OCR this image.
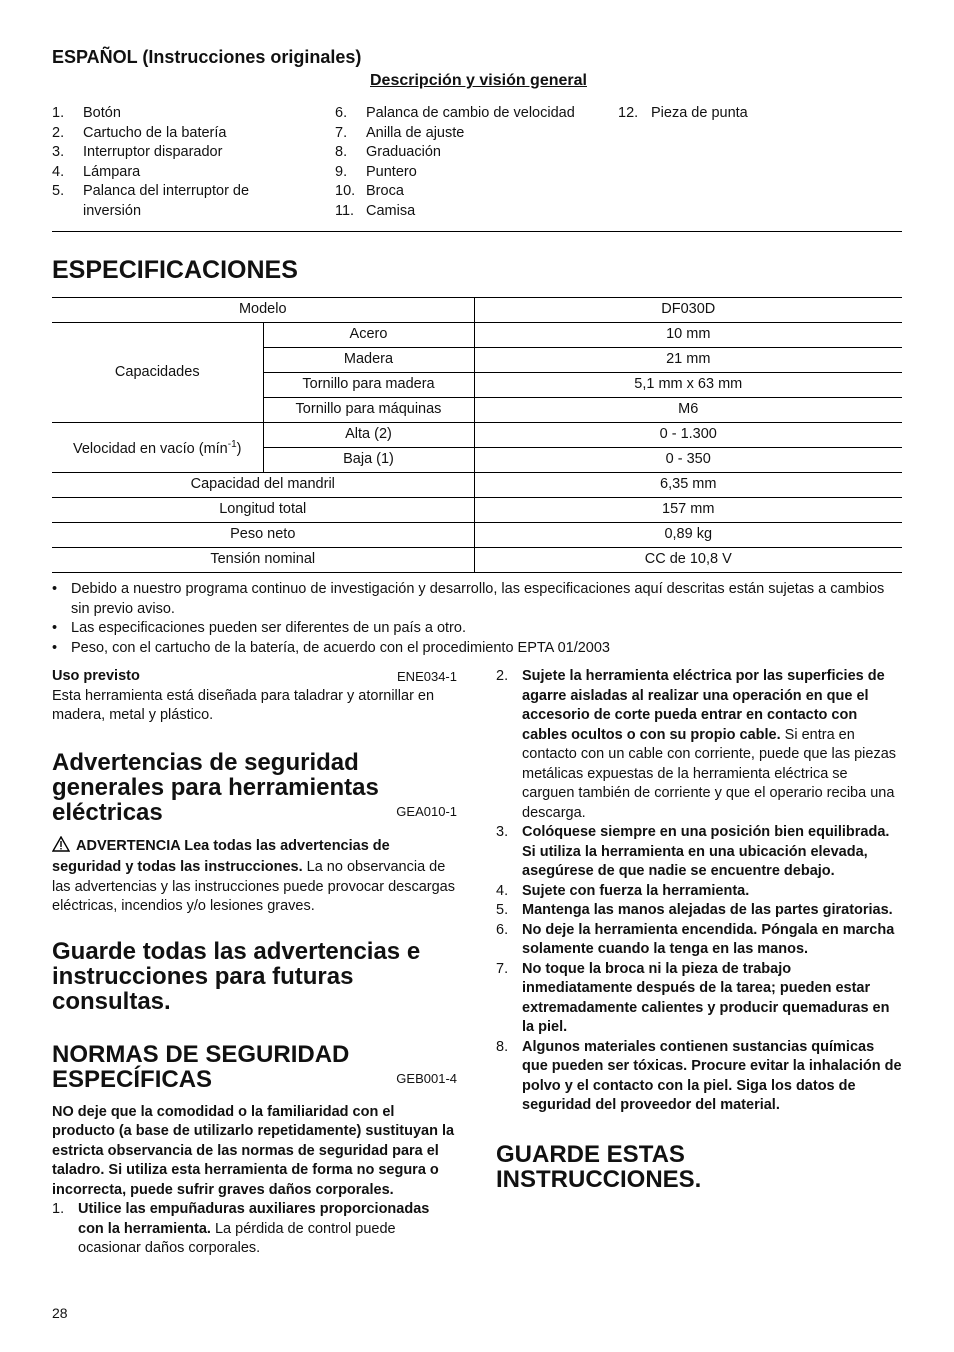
ESPAÑOL (Instrucciones originales)
Descripción y visión general
1.	Botón
2.	Cartucho de la batería
3.	Interruptor disparador
4.	Lámpara
5.	Palanca del interruptor de inversión
6.	Palanca de cambio de velocidad
7.	Anilla de ajuste
8.	Graduación
9.	Puntero
10. Broca
11. Camisa
12. Pieza de punta
ESPECIFICACIONES
Modelo		DF030D
Capacidades	Acero	10 mm
	Madera	21 mm
	Tornillo para madera	5,1 mm x 63 mm
	Tornillo para máquinas	M6
Velocidad en vacío (mín$^{-1}$)	Alta (2)	0 - 1.300
	Baja (1)	0 - 350
Capacidad del mandril		6,35 mm
Longitud total		157 mm
Peso neto		0,89 kg
Tensión nominal		CC de 10,8 V
• Debido a nuestro programa continuo de investigación y desarrollo, las especificaciones aquí descritas están sujetas a cambios sin previo aviso.
• Las especificaciones pueden ser diferentes de un país a otro.
• Peso, con el cartucho de la batería, de acuerdo con el procedimiento EPTA 01/2003
Uso previsto	ENE034-1

Esta herramienta está diseñada para taladrar y atornillar en madera, metal y plástico.

Advertencias de seguridad generales para herramientas eléctricas	GEA010-1

ADVERTENCIA Lea todas las advertencias de seguridad y todas las instrucciones. La no observancia de las advertencias y las instrucciones puede provocar descargas eléctricas, incendios y/o lesiones graves.

Guarde todas las advertencias e instrucciones para futuras consultas.
NORMAS DE SEGURIDAD ESPECÍFICAS	GEB001-4

NO deje que la comodidad o la familiaridad con el producto (a base de utilizarlo repetidamente) sustituyan la estricta observancia de las normas de seguridad para el taladro. Si utiliza esta herramienta de forma no segura o incorrecta, puede sufrir graves daños corporales.

1. Utilice las empuñaduras auxiliares proporcionadas con la herramienta. La pérdida de control puede ocasionar daños corporales.
2. Sujete la herramienta eléctrica por las superficies de agarre aisladas al realizar una operación en que el accesorio de corte pueda entrar en contacto con cables ocultos o con su propio cable. Si entra en contacto con un cable con corriente, puede que las piezas metálicas expuestas de la herramienta eléctrica se carguen también de corriente y que el operario reciba una descarga.
3. Colóquese siempre en una posición bien equilibrada.
Si utiliza la herramienta en una ubicación elevada, asegúrese de que nadie se encuentre debajo.
4. Sujete con fuerza la herramienta.
5. Mantenga las manos alejadas de las partes giratorias.
6. No deje la herramienta encendida. Póngala en marcha solamente cuando la tenga en las manos.
7. No toque la broca ni la pieza de trabajo inmediatamente después de la tarea; pueden estar extremadamente calientes y producir quemaduras en la piel.
8. Algunos materiales contienen sustancias químicas que pueden ser tóxicas. Procure evitar la inhalación de polvo y el contacto con la piel. Siga los datos de seguridad del proveedor del material.
GUARDE ESTAS INSTRUCCIONES.
28
